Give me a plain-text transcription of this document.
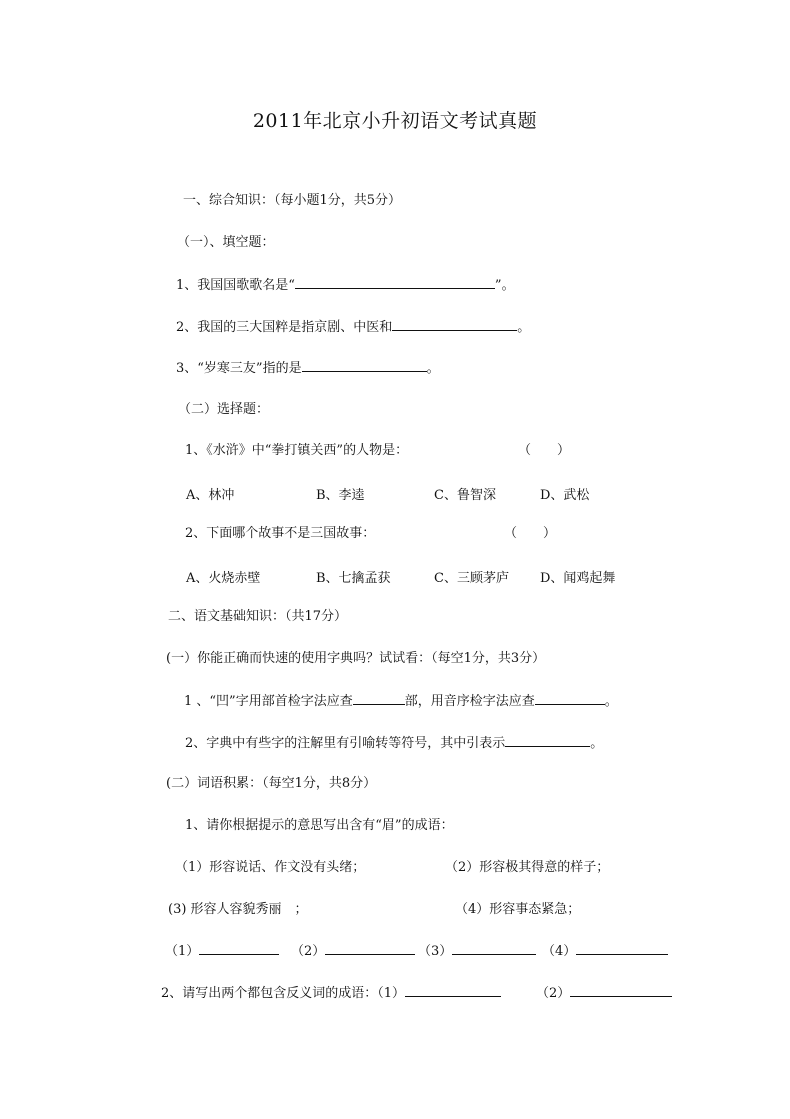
2011年北京小升初语文考试真题
一、综合知识：（每小题1分，共5分）
（一）、填空题：
1、我国国歌歌名是“	”。
2、我国的三大国粹是指京剧、中医和	。
3、“岁寒三友”指的是	。
（二）选择题：
1、《水浒》中“拳打镇关西”的人物是：	（　　）
A、林冲	B、李逵	C、鲁智深	D、武松
2、下面哪个故事不是三国故事：	（　　）
A、火烧赤壁	B、七擒孟获	C、三顾茅庐 D、闻鸡起舞
二、语文基础知识：（共17分）
(一）你能正确而快速的使用字典吗？试试看：（每空1分，共3分）
1 、“凹”字用部首检字法应查	部，用音序检字法应查	。
2、字典中有些字的注解里有引喻转等符号，其中引表示	。
(二）词语积累：（每空1分，共8分）
1、请你根据提示的意思写出含有“眉”的成语：
（1）形容说话、作文没有头绪；	（2）形容极其得意的样子；
(3) 形容人容貌秀丽　；	（4）形容事态紧急；
（1）	（2）	（3）	（4）
2、请写出两个都包含反义词的成语：（1）	（2）
